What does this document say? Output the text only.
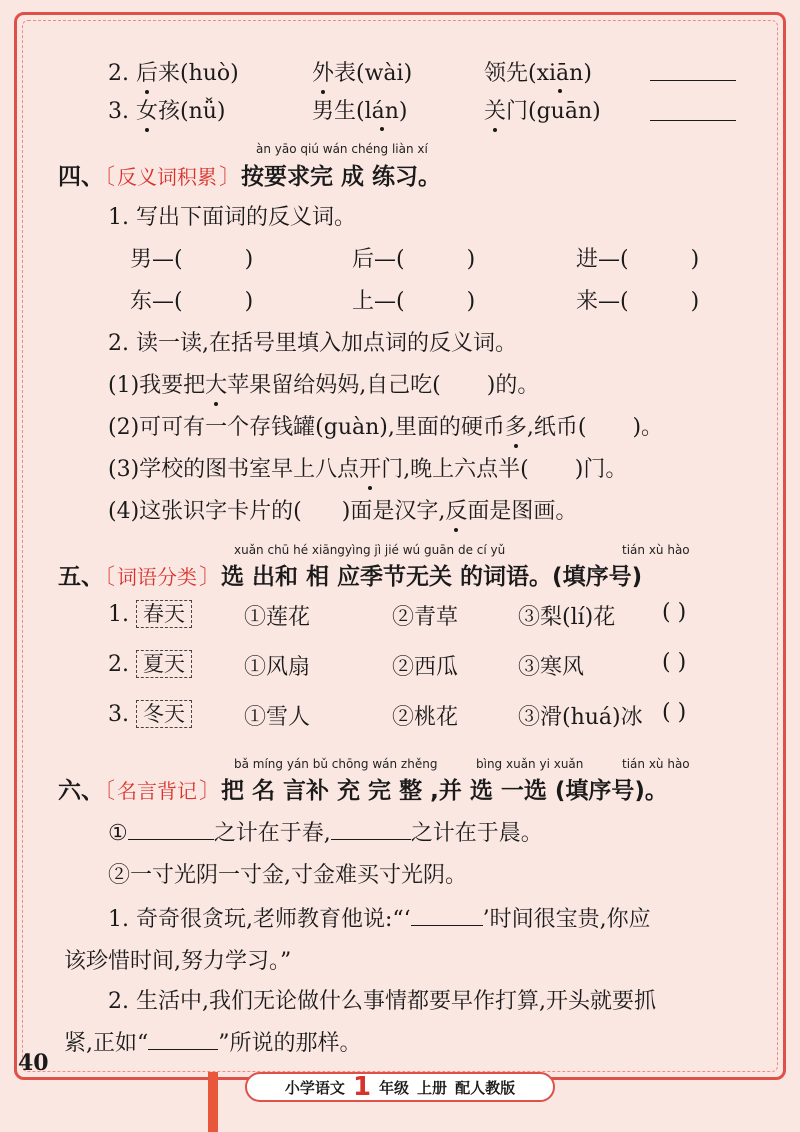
2. 后来(huò)	外表(wài)	领先(xiān)
3. 女孩(nǚ)	男生(lán)	关门(guān)
àn yāo qiú wán chéng liàn xí
四、〔 反义词积累〕按要求完 成 练习。
1. 写出下面词的反义词。
男—(	)	后—(	)	进—(	)
东—(	)	上—(	)	来—(	)
2. 读一读,在括号里填入加点词的反义词。
(1)我要把大苹果留给妈妈,自己吃( )的。
(2)可可有一个存钱罐(guàn),里面的硬币多,纸币( )。
(3)学校的图书室早上八点开门,晚上六点半( )门。
(4)这张识字卡片的( )面是汉字,反面是图画。
xuǎn chū hé xiāngyìng jì jié wú guān de cí yǔ	tián xù hào
五、〔 词语分类〕选 出和 相 应季节无关 的词语。(填序号)
1. 春天	①莲花	②青草	③梨(lí)花 ( )
2. 夏天	①风扇	②西瓜	③寒风	( )
3. 冬天	①雪人	②桃花	③滑(huá)冰 ( )
bǎ míng yán bǔ chōng wán zhěng	bìng xuǎn yi xuǎn	tián xù hào
六、〔 名言背记〕把 名 言补 充 完 整 ,并 选 一选 (填序号)。
①	之计在于春,	之计在于晨。
②一寸光阴一寸金,寸金难买寸光阴。
1. 奇奇很贪玩,老师教育他说:“‘	’时间很宝贵,你应
该珍惜时间,努力学习。”
2. 生活中,我们无论做什么事情都要早作打算,开头就要抓
紧,正如“	”所说的那样。
40
小学语文 1 年级 上册 配人教版
